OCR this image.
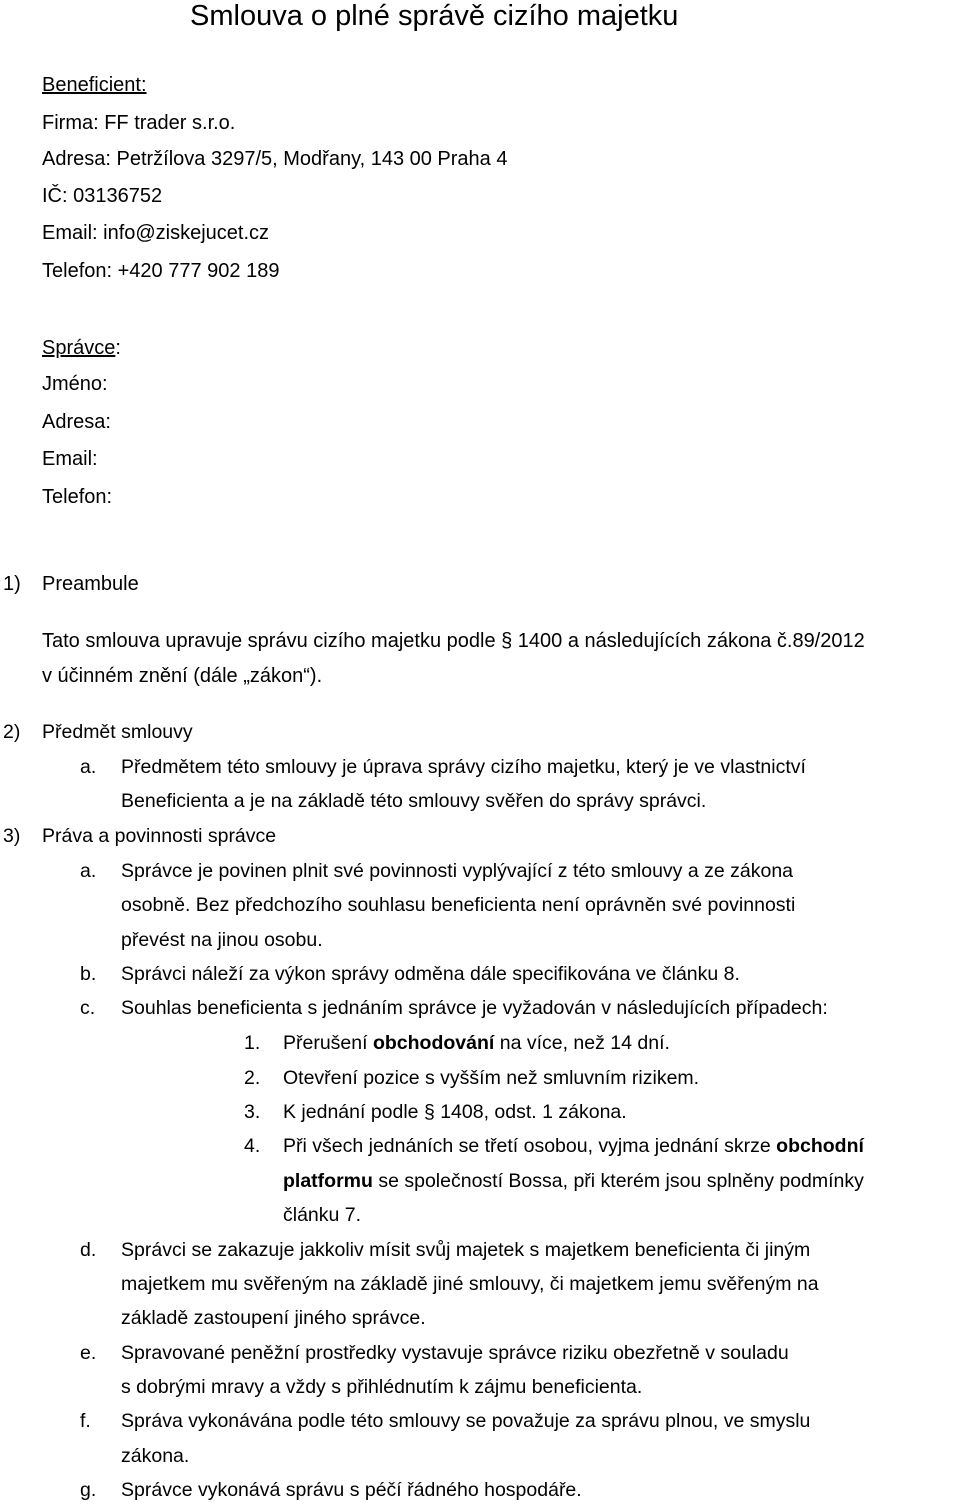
Smlouva o plné správě cizího majetku
Beneficient:
Firma: FF trader s.r.o.
Adresa: Petržílova 3297/5, Modřany, 143 00 Praha 4
IČ: 03136752
Email: info@ziskejucet.cz
Telefon: +420 777 902 189
Správce:
Jméno:
Adresa:
Email:
Telefon:
1) Preambule
Tato smlouva upravuje správu cizího majetku podle § 1400 a následujících zákona č.89/2012
v účinném znění (dále „zákon“).
2) Předmět smlouvy
a. Předmětem této smlouvy je úprava správy cizího majetku, který je ve vlastnictví
Beneficienta a je na základě této smlouvy svěřen do správy správci.
3) Práva a povinnosti správce
a. Správce je povinen plnit své povinnosti vyplývající z této smlouvy a ze zákona
osobně. Bez předchozího souhlasu beneficienta není oprávněn své povinnosti
převést na jinou osobu.
b. Správci náleží za výkon správy odměna dále specifikována ve článku 8.
c. Souhlas beneficienta s jednáním správce je vyžadován v následujících případech:
1. Přerušení obchodování na více, než 14 dní.
2. Otevření pozice s vyšším než smluvním rizikem.
3. K jednání podle § 1408, odst. 1 zákona.
4. Při všech jednáních se třetí osobou, vyjma jednání skrze obchodní
platformu se společností Bossa, při kterém jsou splněny podmínky
článku 7.
d. Správci se zakazuje jakkoliv mísit svůj majetek s majetkem beneficienta či jiným
majetkem mu svěřeným na základě jiné smlouvy, či majetkem jemu svěřeným na
základě zastoupení jiného správce.
e. Spravované peněžní prostředky vystavuje správce riziku obezřetně v souladu
s dobrými mravy a vždy s přihlédnutím k zájmu beneficienta.
f. Správa vykonávána podle této smlouvy se považuje za správu plnou, ve smyslu
zákona.
g. Správce vykonává správu s péčí řádného hospodáře.
